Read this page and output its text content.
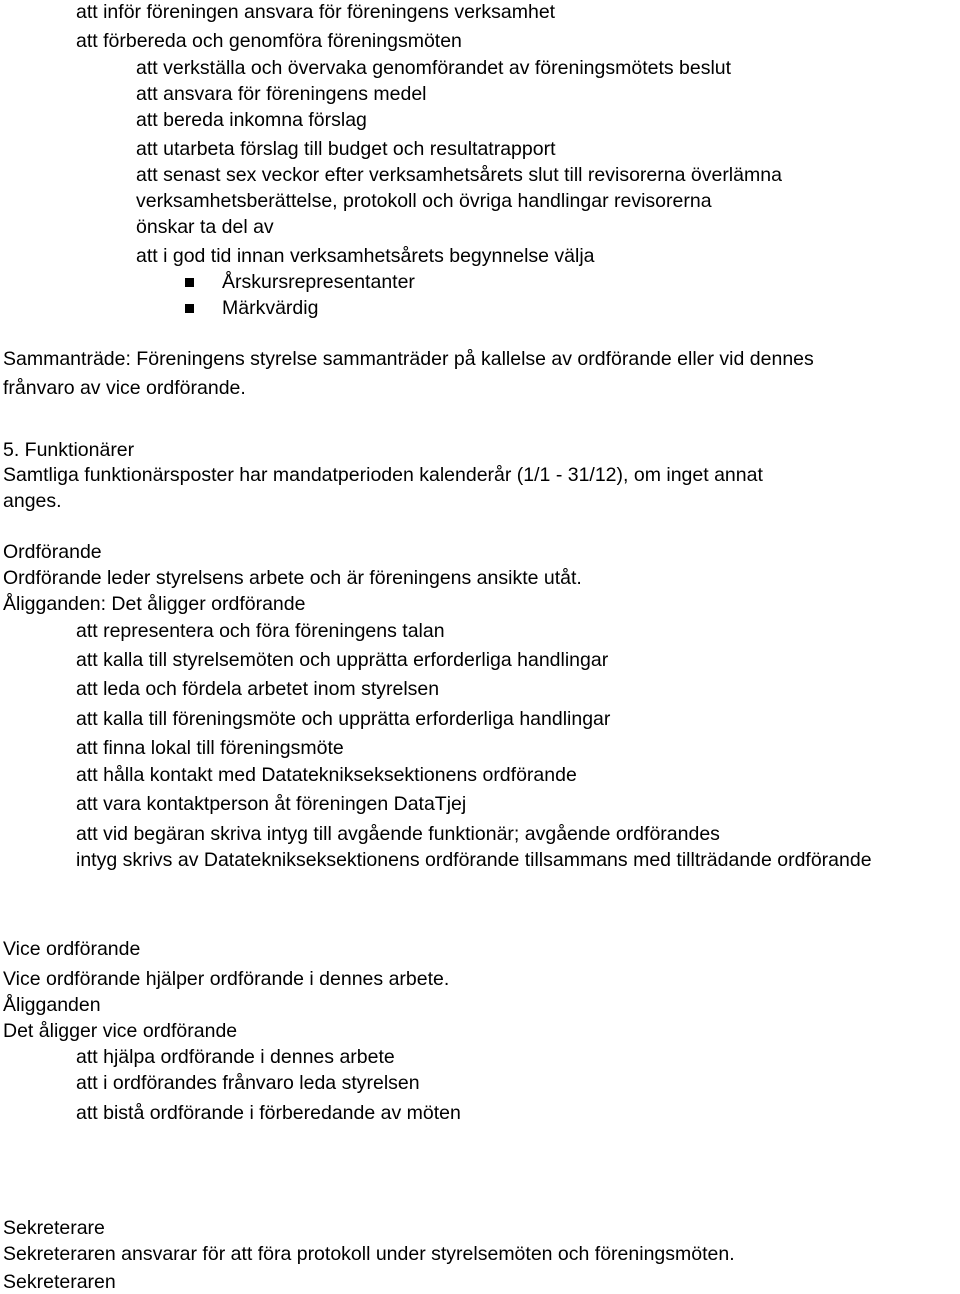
att inför föreningen ansvara för föreningens verksamhet
att förbereda och genomföra föreningsmöten
att verkställa och övervaka genomförandet av föreningsmötets beslut
att ansvara för föreningens medel
att bereda inkomna förslag
att utarbeta förslag till budget och resultatrapport
att senast sex veckor efter verksamhetsårets slut till revisorerna överlämna
verksamhetsberättelse, protokoll och övriga handlingar revisorerna
önskar ta del av
att i god tid innan verksamhetsårets begynnelse välja
Årskursrepresentanter
Märkvärdig
Sammanträde: Föreningens styrelse sammanträder på kallelse av ordförande eller vid dennes
frånvaro av vice ordförande.
5. Funktionärer
Samtliga funktionärsposter har mandatperioden kalenderår (1/1 - 31/12), om inget annat
anges.
Ordförande
Ordförande leder styrelsens arbete och är föreningens ansikte utåt.
Åligganden: Det åligger ordförande
att representera och föra föreningens talan
att kalla till styrelsemöten och upprätta erforderliga handlingar
att leda och fördela arbetet inom styrelsen
att kalla till föreningsmöte och upprätta erforderliga handlingar
att finna lokal till föreningsmöte
att hålla kontakt med Datateknikseksektionens ordförande
att vara kontaktperson åt föreningen DataTjej
att vid begäran skriva intyg till avgående funktionär; avgående ordförandes
intyg skrivs av Datateknikseksektionens ordförande tillsammans med tillträdande ordförande
Vice ordförande
Vice ordförande hjälper ordförande i dennes arbete.
Åligganden
Det åligger vice ordförande
att hjälpa ordförande i dennes arbete
att i ordförandes frånvaro leda styrelsen
att bistå ordförande i förberedande av möten
Sekreterare
Sekreteraren ansvarar för att föra protokoll under styrelsemöten och föreningsmöten.
Sekreteraren
